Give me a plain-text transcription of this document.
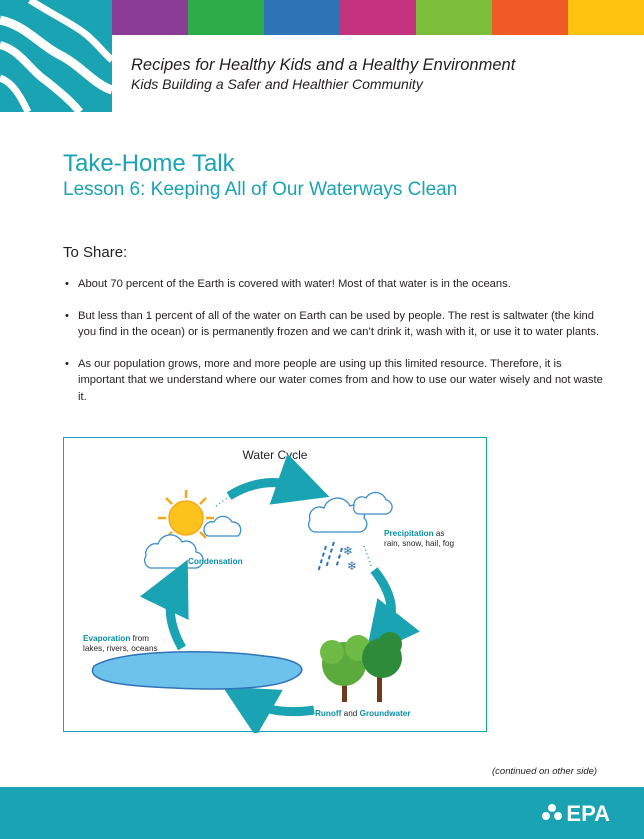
Recipes for Healthy Kids and a Healthy Environment
Kids Building a Safer and Healthier Community
Take-Home Talk
Lesson 6: Keeping All of Our Waterways Clean
To Share:
• About 70 percent of the Earth is covered with water! Most of that water is in the oceans.
• But less than 1 percent of all of the water on Earth can be used by people. The rest is saltwater (the kind you find in the ocean) or is permanently frozen and we can’t drink it, wash with it, or use it to water plants.
• As our population grows, more and more people are using up this limited resource. Therefore, it is important that we understand where our water comes from and how to use our water wisely and not waste it.
Water Cycle
❄
❄
Precipitation as
rain, snow, hail, fog
Condensation
Evaporation from
lakes, rivers, oceans
Runoff and Groundwater
(continued on other side)
EPA
